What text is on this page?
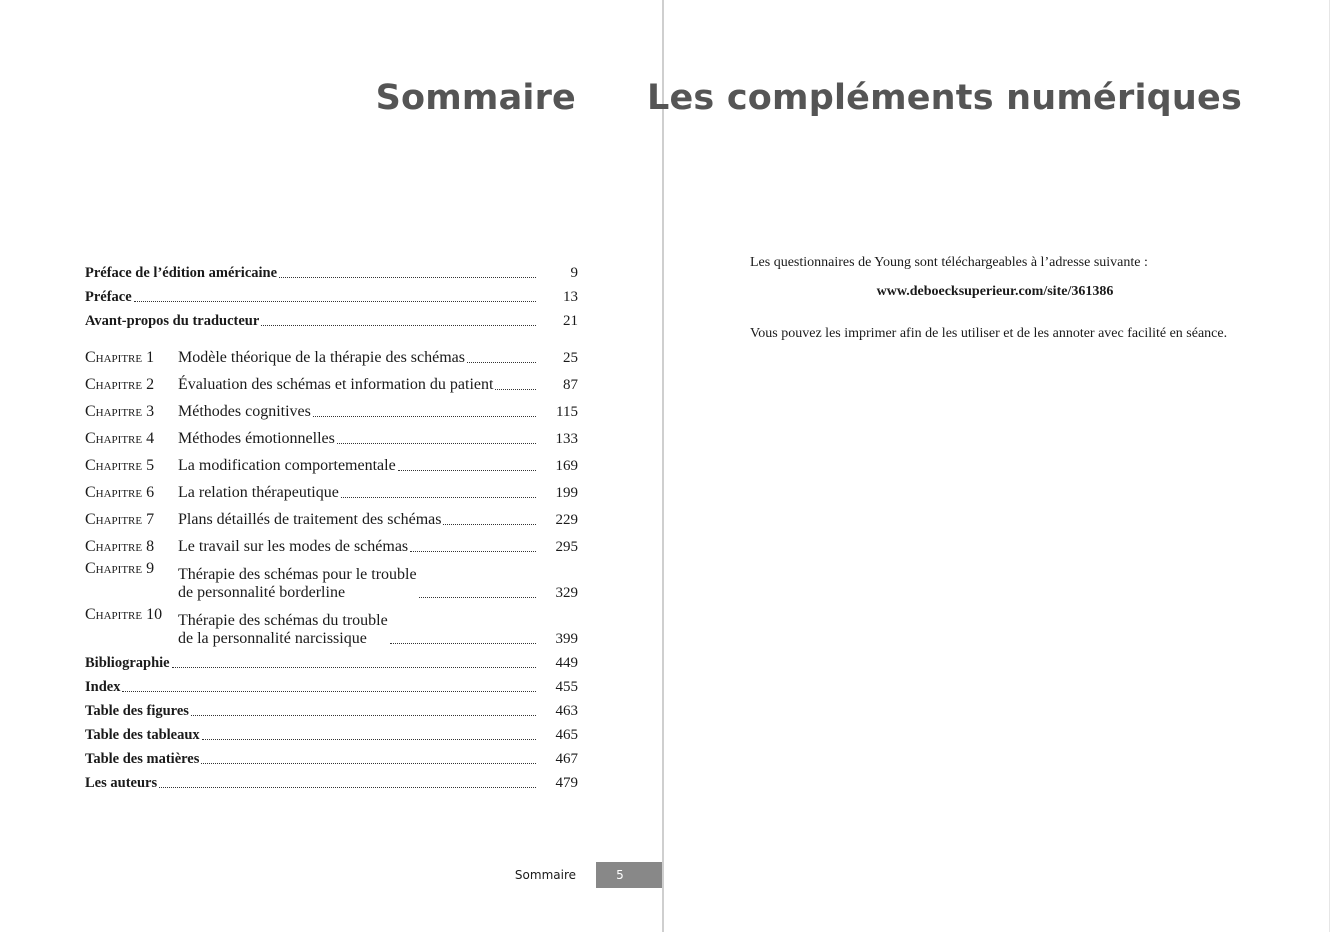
Sommaire
Préface de l’édition américaine	9
Préface	13
Avant-propos du traducteur	21
Chapitre 1	Modèle théorique de la thérapie des schémas	25
Chapitre 2	Évaluation des schémas et information du patient	87
Chapitre 3	Méthodes cognitives	115
Chapitre 4	Méthodes émotionnelles	133
Chapitre 5	La modification comportementale	169
Chapitre 6	La relation thérapeutique	199
Chapitre 7	Plans détaillés de traitement des schémas	229
Chapitre 8	Le travail sur les modes de schémas	295
Chapitre 9	Thérapie des schémas pour le trouble
de personnalité borderline	329
Chapitre 10 Thérapie des schémas du trouble
de la personnalité narcissique	399
Bibliographie	449
Index	455
Table des figures	463
Table des tableaux	465
Table des matières	467
Les auteurs	479
Sommaire	5
Les compléments numériques
Les questionnaires de Young sont téléchargeables à l’adresse suivante :
www.deboecksuperieur.com/site/361386
Vous pouvez les imprimer afin de les utiliser et de les annoter avec facilité en séance.
